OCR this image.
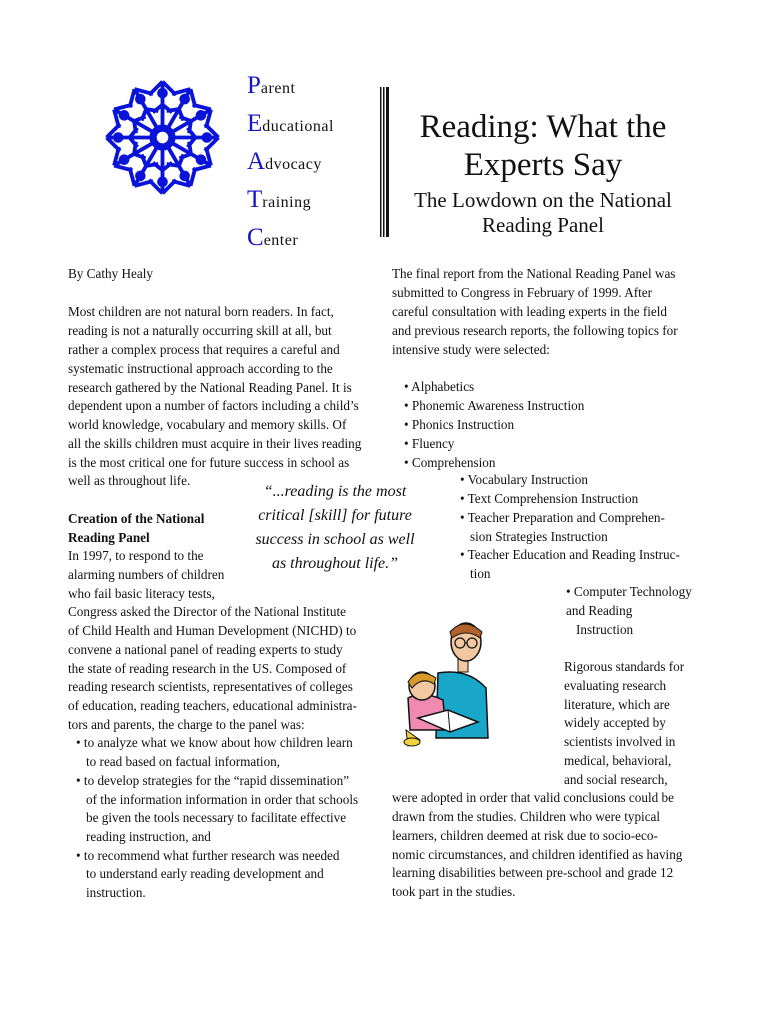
Parent
Educational
Advocacy
Training
Center
Reading: What the
Experts Say
The Lowdown on the National
Reading Panel
By Cathy Healy
Most children are not natural born readers. In fact,
reading is not a naturally occurring skill at all, but
rather a complex process that requires a careful and
systematic instructional approach according to the
research gathered by the National Reading Panel. It is
dependent upon a number of factors including a child’s
world knowledge, vocabulary and memory skills. Of
all the skills children must acquire in their lives reading
is the most critical one for future success in school as
well as throughout life.
Creation of the National
Reading Panel
In 1997, to respond to the
alarming numbers of children
who fail basic literacy tests,
Congress asked the Director of the National Institute
of Child Health and Human Development (NICHD) to
convene a national panel of reading experts to study
the state of reading research in the US. Composed of
reading research scientists, representatives of colleges
of education, reading teachers, educational administra-
tors and parents, the charge to the panel was:
• to analyze what we know about how children learn
to read based on factual information,
• to develop strategies for the “rapid dissemination”
of the information information in order that schools
be given the tools necessary to facilitate effective
reading instruction, and
• to recommend what further research was needed
to understand early reading development and
instruction.
“...reading is the most
critical [skill] for future
success in school as well
as throughout life.”
The final report from the National Reading Panel was
submitted to Congress in February of 1999. After
careful consultation with leading experts in the field
and previous research reports, the following topics for
intensive study were selected:
• Alphabetics
• Phonemic Awareness Instruction
• Phonics Instruction
• Fluency
• Comprehension
• Vocabulary Instruction
• Text Comprehension Instruction
• Teacher Preparation and Comprehen-
sion Strategies Instruction
• Teacher Education and Reading Instruc-
tion
• Computer Technology
and Reading
Instruction
Rigorous standards for
evaluating research
literature, which are
widely accepted by
scientists involved in
medical, behavioral,
and social research,
were adopted in order that valid conclusions could be
drawn from the studies. Children who were typical
learners, children deemed at risk due to socio-eco-
nomic circumstances, and children identified as having
learning disabilities between pre-school and grade 12
took part in the studies.
